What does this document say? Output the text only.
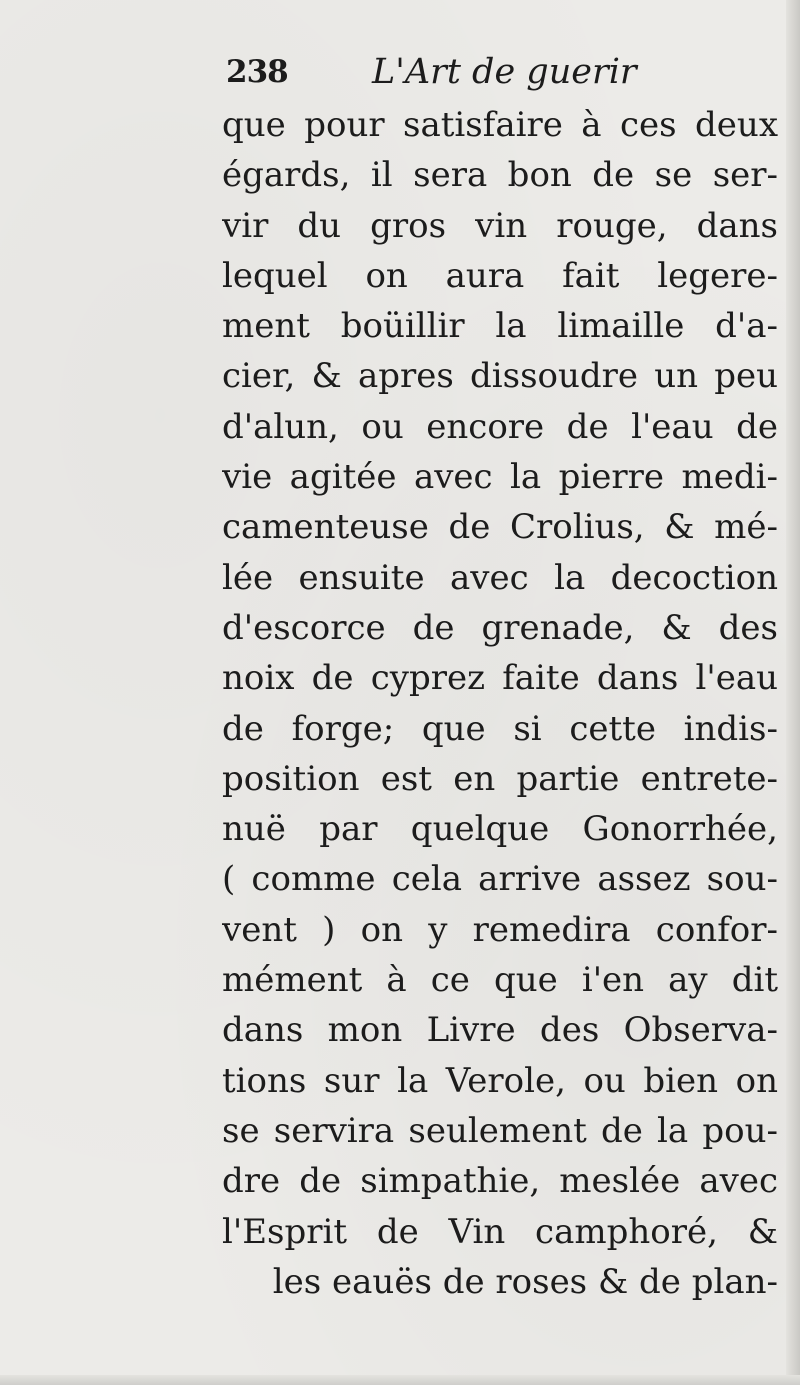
238 L'Art de guerir
que pour satisfaire à ces deux
égards, il sera bon de se ser-
vir du gros vin rouge, dans
lequel on aura fait legere-
ment boüillir la limaille d'a-
cier, & apres dissoudre un peu
d'alun, ou encore de l'eau de
vie agitée avec la pierre medi-
camenteuse de Crolius, & mé-
lée ensuite avec la decoction
d'escorce de grenade, & des
noix de cyprez faite dans l'eau
de forge; que si cette indis-
position est en partie entrete-
nuë par quelque Gonorrhée,
( comme cela arrive assez sou-
vent ) on y remedira confor-
mément à ce que i'en ay dit
dans mon Livre des Observa-
tions sur la Verole, ou bien on
se servira seulement de la pou-
dre de simpathie, meslée avec
l'Esprit de Vin camphoré, &
les eauës de roses & de plan-
